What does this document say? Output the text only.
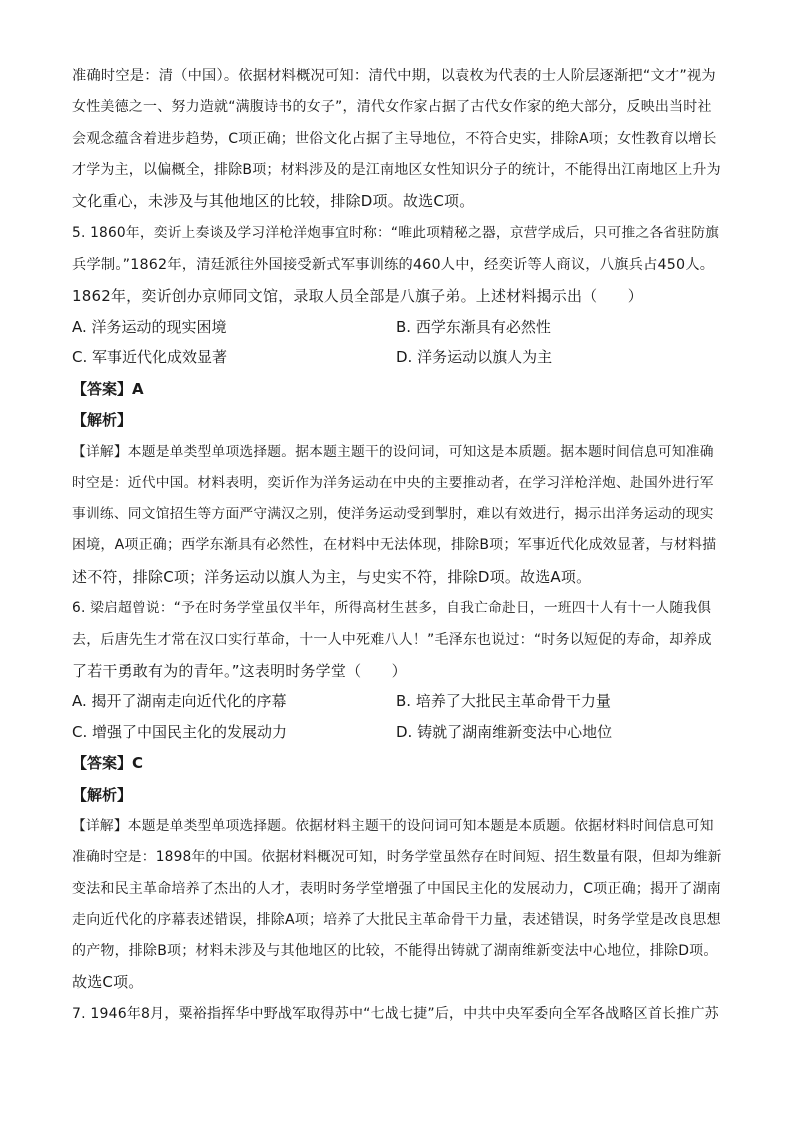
准确时空是：清（中国）。依据材料概况可知：清代中期，以袁枚为代表的士人阶层逐渐把“文才”视为
女性美德之一、努力造就“满腹诗书的女子”，清代女作家占据了古代女作家的绝大部分，反映出当时社
会观念蕴含着进步趋势，C项正确；世俗文化占据了主导地位，不符合史实，排除A项；女性教育以增长
才学为主，以偏概全，排除B项；材料涉及的是江南地区女性知识分子的统计，不能得出江南地区上升为
文化重心，未涉及与其他地区的比较，排除D项。故选C项。
5. 1860年，奕䜣上奏谈及学习洋枪洋炮事宜时称：“唯此项精秘之器，京营学成后，只可推之各省驻防旗
兵学制。”1862年，清廷派往外国接受新式军事训练的460人中，经奕䜣等人商议，八旗兵占450人。
1862年，奕䜣创办京师同文馆，录取人员全部是八旗子弟。上述材料揭示出（　　）
A. 洋务运动的现实困境	B. 西学东渐具有必然性
C. 军事近代化成效显著	D. 洋务运动以旗人为主
【答案】A
【解析】
【详解】本题是单类型单项选择题。据本题主题干的设问词，可知这是本质题。据本题时间信息可知准确
时空是：近代中国。材料表明，奕䜣作为洋务运动在中央的主要推动者，在学习洋枪洋炮、赴国外进行军
事训练、同文馆招生等方面严守满汉之别，使洋务运动受到掣肘，难以有效进行，揭示出洋务运动的现实
困境，A项正确；西学东渐具有必然性，在材料中无法体现，排除B项；军事近代化成效显著，与材料描
述不符，排除C项；洋务运动以旗人为主，与史实不符，排除D项。故选A项。
6. 梁启超曾说：“予在时务学堂虽仅半年，所得高材生甚多，自我亡命赴日，一班四十人有十一人随我俱
去，后唐先生才常在汉口实行革命，十一人中死难八人！”毛泽东也说过：“时务以短促的寿命，却养成
了若干勇敢有为的青年。”这表明时务学堂（　　）
A. 揭开了湖南走向近代化的序幕	B. 培养了大批民主革命骨干力量
C. 增强了中国民主化的发展动力	D. 铸就了湖南维新变法中心地位
【答案】C
【解析】
【详解】本题是单类型单项选择题。依据材料主题干的设问词可知本题是本质题。依据材料时间信息可知
准确时空是：1898年的中国。依据材料概况可知，时务学堂虽然存在时间短、招生数量有限，但却为维新
变法和民主革命培养了杰出的人才，表明时务学堂增强了中国民主化的发展动力，C项正确；揭开了湖南
走向近代化的序幕表述错误，排除A项；培养了大批民主革命骨干力量，表述错误，时务学堂是改良思想
的产物，排除B项；材料未涉及与其他地区的比较，不能得出铸就了湖南维新变法中心地位，排除D项。
故选C项。
7. 1946年8月，粟裕指挥华中野战军取得苏中“七战七捷”后，中共中央军委向全军各战略区首长推广苏
